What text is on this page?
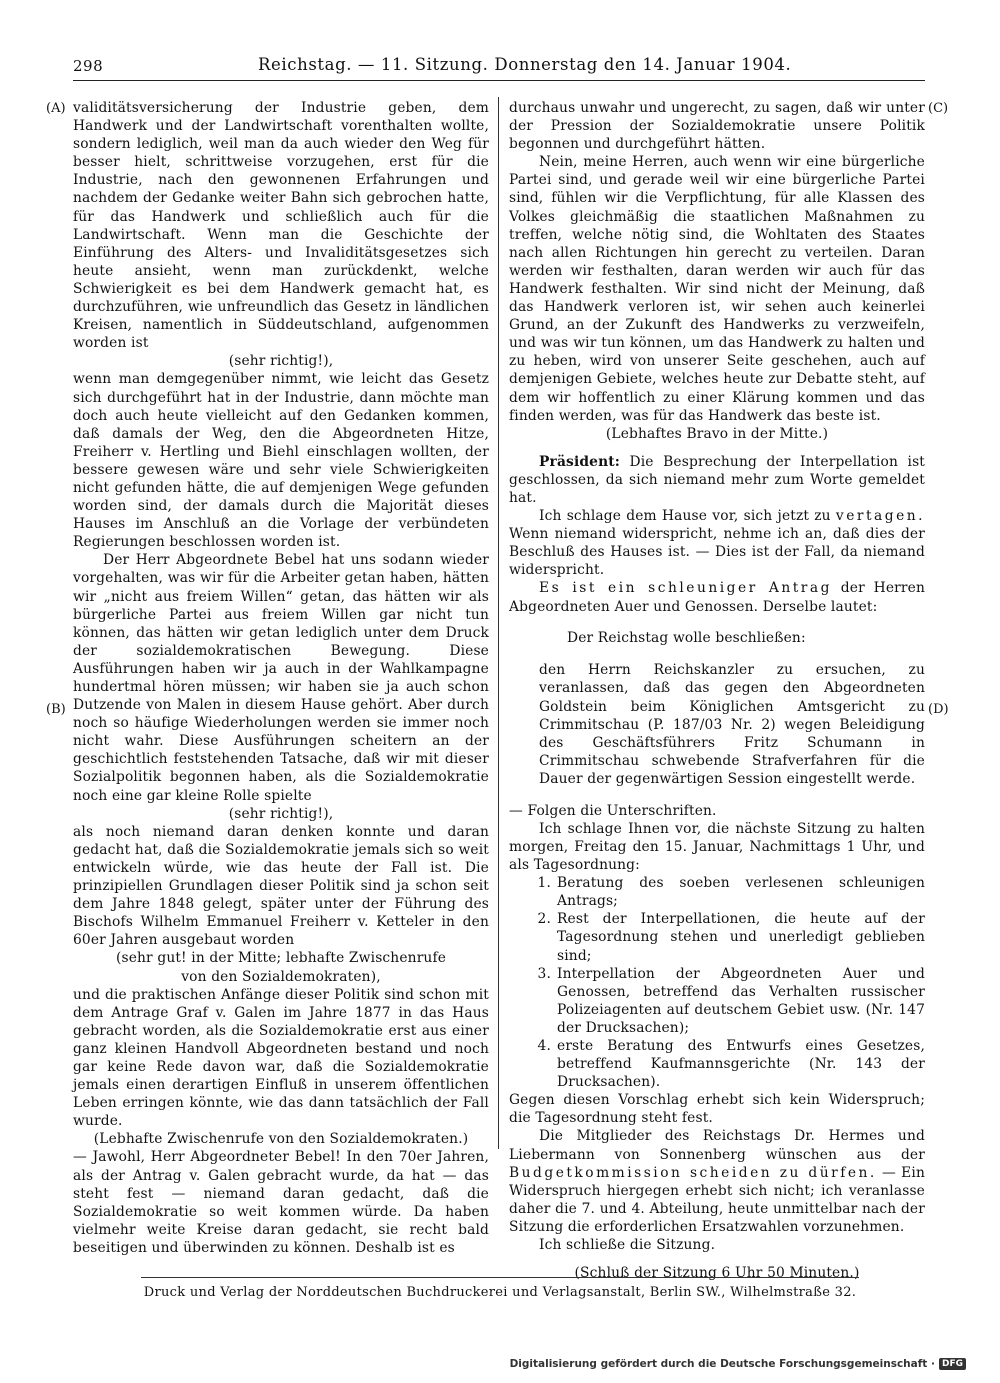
298	Reichstag. — 11. Sitzung. Donnerstag den 14. Januar 1904.
(A)
(B)
(C)
(D)

validitätsversicherung der Industrie geben, dem Handwerk und der Landwirtschaft vorenthalten wollte, sondern lediglich, weil man da auch wieder den Weg für besser hielt, schrittweise vorzugehen, erst für die Industrie, nach den gewonnenen Erfahrungen und nachdem der Gedanke weiter Bahn sich gebrochen hatte, für das Handwerk und schließlich auch für die Landwirtschaft. Wenn man die Geschichte der Einführung des Alters- und Invaliditätsgesetzes sich heute ansieht, wenn man zurückdenkt, welche Schwierigkeit es bei dem Handwerk gemacht hat, es durchzuführen, wie unfreundlich das Gesetz in ländlichen Kreisen, namentlich in Süddeutschland, aufgenommen worden ist

(sehr richtig!),

wenn man demgegenüber nimmt, wie leicht das Gesetz sich durchgeführt hat in der Industrie, dann möchte man doch auch heute vielleicht auf den Gedanken kommen, daß damals der Weg, den die Abgeordneten Hitze, Freiherr v. Hertling und Biehl einschlagen wollten, der bessere gewesen wäre und sehr viele Schwierigkeiten nicht gefunden hätte, die auf demjenigen Wege gefunden worden sind, der damals durch die Majorität dieses Hauses im Anschluß an die Vorlage der verbündeten Regierungen beschlossen worden ist.

Der Herr Abgeordnete Bebel hat uns sodann wieder vorgehalten, was wir für die Arbeiter getan haben, hätten wir „nicht aus freiem Willen“ getan, das hätten wir als bürgerliche Partei aus freiem Willen gar nicht tun können, das hätten wir getan lediglich unter dem Druck der sozialdemokratischen Bewegung. Diese Ausführungen haben wir ja auch in der Wahlkampagne hundertmal hören müssen; wir haben sie ja auch schon Dutzende von Malen in diesem Hause gehört. Aber durch noch so häufige Wiederholungen werden sie immer noch nicht wahr. Diese Ausführungen scheitern an der geschichtlich feststehenden Tatsache, daß wir mit dieser Sozialpolitik begonnen haben, als die Sozialdemokratie noch eine gar kleine Rolle spielte

(sehr richtig!),

als noch niemand daran denken konnte und daran gedacht hat, daß die Sozialdemokratie jemals sich so weit entwickeln würde, wie das heute der Fall ist. Die prinzipiellen Grundlagen dieser Politik sind ja schon seit dem Jahre 1848 gelegt, später unter der Führung des Bischofs Wilhelm Emmanuel Freiherr v. Ketteler in den 60er Jahren ausgebaut worden

(sehr gut! in der Mitte; lebhafte Zwischenrufe

von den Sozialdemokraten),

und die praktischen Anfänge dieser Politik sind schon mit dem Antrage Graf v. Galen im Jahre 1877 in das Haus gebracht worden, als die Sozialdemokratie erst aus einer ganz kleinen Handvoll Abgeordneten bestand und noch gar keine Rede davon war, daß die Sozialdemokratie jemals einen derartigen Einfluß in unserem öffentlichen Leben erringen könnte, wie das dann tatsächlich der Fall wurde.

(Lebhafte Zwischenrufe von den Sozialdemokraten.)

— Jawohl, Herr Abgeordneter Bebel! In den 70er Jahren, als der Antrag v. Galen gebracht wurde, da hat — das steht fest — niemand daran gedacht, daß die Sozialdemokratie so weit kommen würde. Da haben vielmehr weite Kreise daran gedacht, sie recht bald beseitigen und überwinden zu können. Deshalb ist es

durchaus unwahr und ungerecht, zu sagen, daß wir unter der Pression der Sozialdemokratie unsere Politik begonnen und durchgeführt hätten.

Nein, meine Herren, auch wenn wir eine bürgerliche Partei sind, und gerade weil wir eine bürgerliche Partei sind, fühlen wir die Verpflichtung, für alle Klassen des Volkes gleichmäßig die staatlichen Maßnahmen zu treffen, welche nötig sind, die Wohltaten des Staates nach allen Richtungen hin gerecht zu verteilen. Daran werden wir festhalten, daran werden wir auch für das Handwerk festhalten. Wir sind nicht der Meinung, daß das Handwerk verloren ist, wir sehen auch keinerlei Grund, an der Zukunft des Handwerks zu verzweifeln, und was wir tun können, um das Handwerk zu halten und zu heben, wird von unserer Seite geschehen, auch auf demjenigen Gebiete, welches heute zur Debatte steht, auf dem wir hoffentlich zu einer Klärung kommen und das finden werden, was für das Handwerk das beste ist.

(Lebhaftes Bravo in der Mitte.)

Präsident: Die Besprechung der Interpellation ist geschlossen, da sich niemand mehr zum Worte gemeldet hat.

Ich schlage dem Hause vor, sich jetzt zu vertagen. Wenn niemand widerspricht, nehme ich an, daß dies der Beschluß des Hauses ist. — Dies ist der Fall, da niemand widerspricht.

Es ist ein schleuniger Antrag der Herren Abgeordneten Auer und Genossen. Derselbe lautet:

Der Reichstag wolle beschließen:

den Herrn Reichskanzler zu ersuchen, zu veranlassen, daß das gegen den Abgeordneten Goldstein beim Königlichen Amtsgericht zu Crimmitschau (P. 187/03 Nr. 2) wegen Beleidigung des Geschäftsführers Fritz Schumann in Crimmitschau schwebende Strafverfahren für die Dauer der gegenwärtigen Session eingestellt werde.

— Folgen die Unterschriften.

Ich schlage Ihnen vor, die nächste Sitzung zu halten morgen, Freitag den 15. Januar, Nachmittags 1 Uhr, und als Tagesordnung:

1. Beratung des soeben verlesenen schleunigen Antrags;
2. Rest der Interpellationen, die heute auf der Tagesordnung stehen und unerledigt geblieben sind;
3. Interpellation der Abgeordneten Auer und Genossen, betreffend das Verhalten russischer Polizeiagenten auf deutschem Gebiet usw. (Nr. 147 der Drucksachen);
4. erste Beratung des Entwurfs eines Gesetzes, betreffend Kaufmannsgerichte (Nr. 143 der Drucksachen).

Gegen diesen Vorschlag erhebt sich kein Widerspruch; die Tagesordnung steht fest.

Die Mitglieder des Reichstags Dr. Hermes und Liebermann von Sonnenberg wünschen aus der Budgetkommission scheiden zu dürfen. — Ein Widerspruch hiergegen erhebt sich nicht; ich veranlasse daher die 7. und 4. Abteilung, heute unmittelbar nach der Sitzung die erforderlichen Ersatzwahlen vorzunehmen.

Ich schließe die Sitzung.

(Schluß der Sitzung 6 Uhr 50 Minuten.)

Druck und Verlag der Norddeutschen Buchdruckerei und Verlagsanstalt, Berlin SW., Wilhelmstraße 32.
Digitalisierung gefördert durch die Deutsche Forschungsgemeinschaft · DFG
